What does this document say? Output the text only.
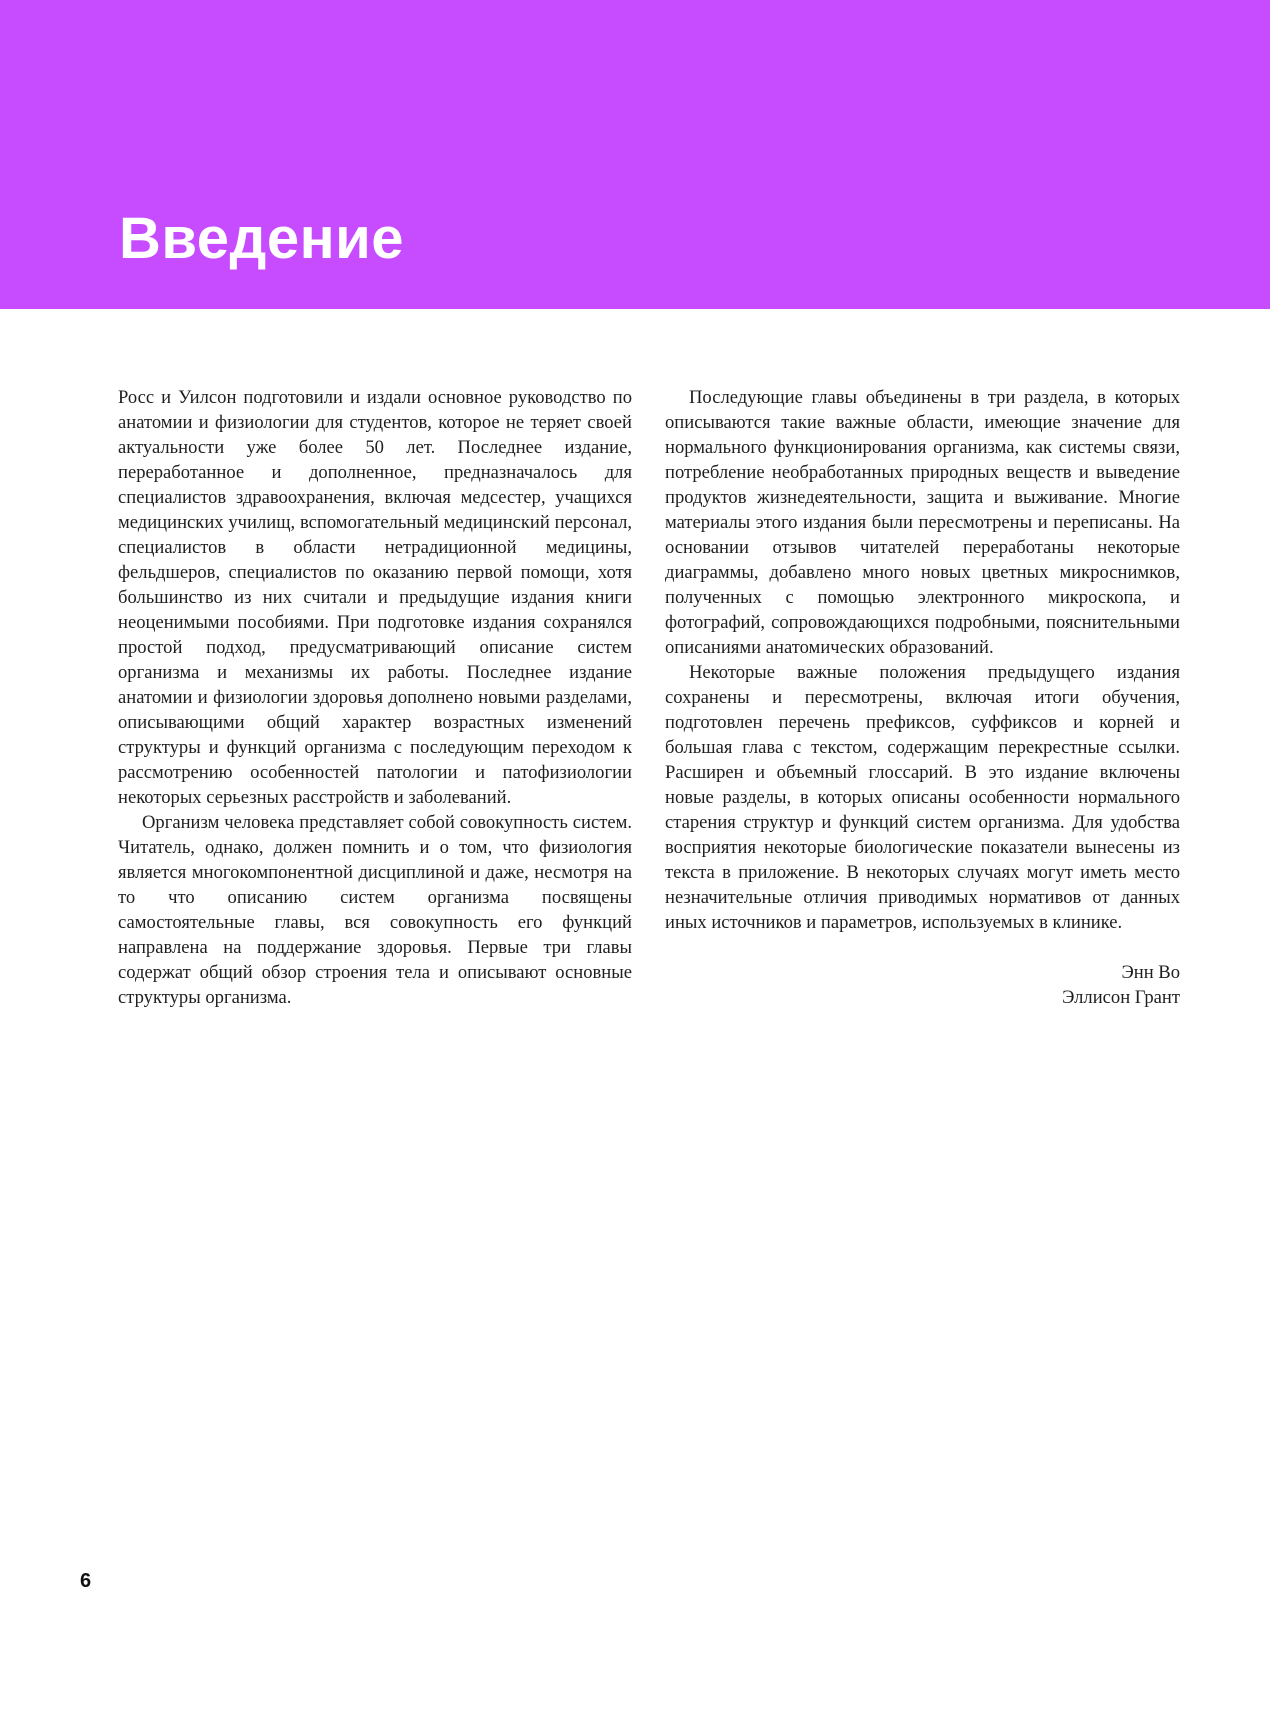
Введение

Росс и Уилсон подготовили и издали основное руководство по анатомии и физиологии для студентов, которое не теряет своей актуальности уже более 50 лет. Последнее издание, переработанное и дополненное, предназначалось для специалистов здравоохранения, включая медсестер, учащихся медицинских училищ, вспомогательный медицинский персонал, специалистов в области нетрадиционной медицины, фельдшеров, специалистов по оказанию первой помощи, хотя большинство из них считали и предыдущие издания книги неоценимыми пособиями. При подготовке издания сохранялся простой подход, предусматривающий описание систем организма и механизмы их работы. Последнее издание анатомии и физиологии здоровья дополнено новыми разделами, описывающими общий характер возрастных изменений структуры и функций организма с последующим переходом к рассмотрению особенностей патологии и патофизиологии некоторых серьезных расстройств и заболеваний.

Организм человека представляет собой совокупность систем. Читатель, однако, должен помнить и о том, что физиология является многокомпонентной дисциплиной и даже, несмотря на то что описанию систем организма посвящены самостоятельные главы, вся совокупность его функций направлена на поддержание здоровья. Первые три главы содержат общий обзор строения тела и описывают основные структуры организма.

Последующие главы объединены в три раздела, в которых описываются такие важные области, имеющие значение для нормального функционирования организма, как системы связи, потребление необработанных природных веществ и выведение продуктов жизнедеятельности, защита и выживание. Многие материалы этого издания были пересмотрены и переписаны. На основании отзывов читателей переработаны некоторые диаграммы, добавлено много новых цветных микроснимков, полученных с помощью электронного микроскопа, и фотографий, сопровождающихся подробными, пояснительными описаниями анатомических образований.

Некоторые важные положения предыдущего издания сохранены и пересмотрены, включая итоги обучения, подготовлен перечень префиксов, суффиксов и корней и большая глава с текстом, содержащим перекрестные ссылки. Расширен и объемный глоссарий. В это издание включены новые разделы, в которых описаны особенности нормального старения структур и функций систем организма. Для удобства восприятия некоторые биологические показатели вынесены из текста в приложение. В некоторых случаях могут иметь место незначительные отличия приводимых нормативов от данных иных источников и параметров, используемых в клинике.

Энн Во
Эллисон Грант
6
